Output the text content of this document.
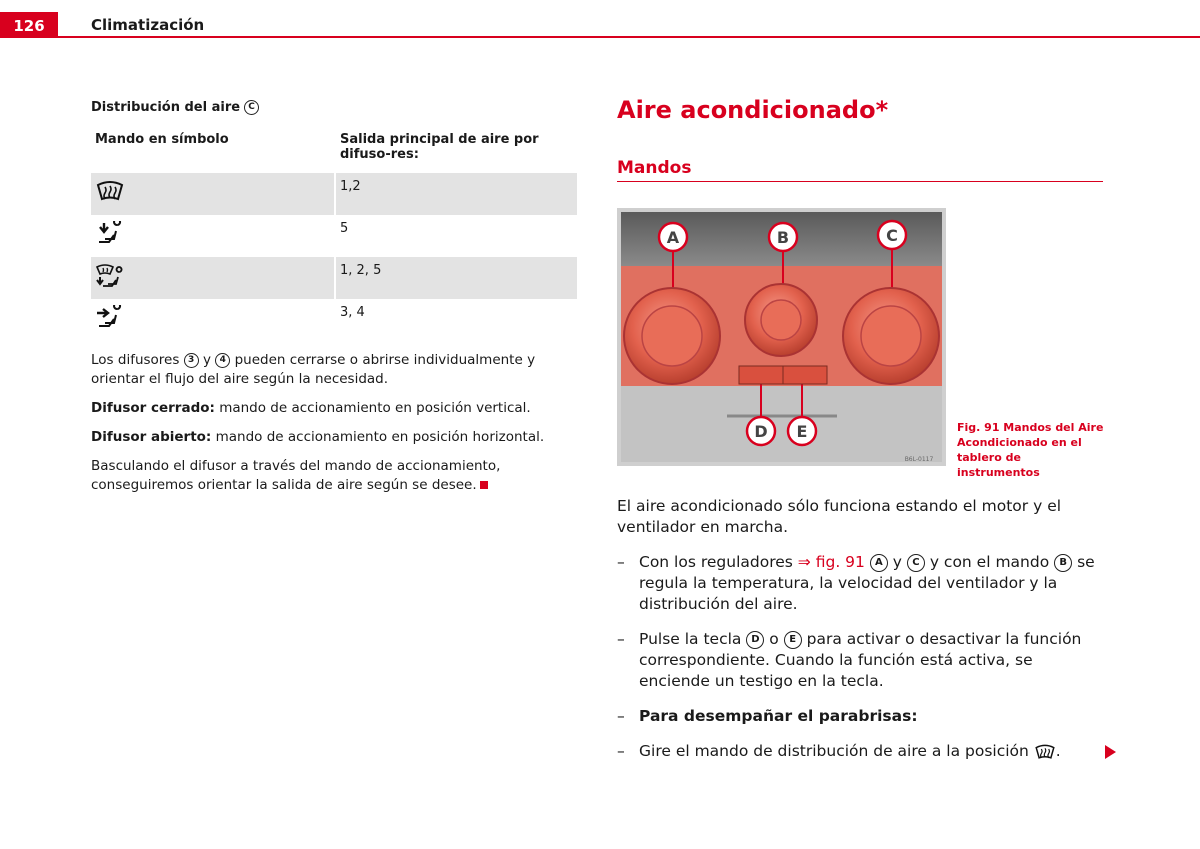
126	Climatización
Distribución del aire C
Mando en símbolo	Salida principal de aire por difuso-res:

	1,2

	5

	1, 2, 5

	3, 4

Los difusores 3 y 4 pueden cerrarse o abrirse individualmente y orientar el flujo del aire según la necesidad.

Difusor cerrado: mando de accionamiento en posición vertical.

Difusor abierto: mando de accionamiento en posición horizontal.

Basculando el difusor a través del mando de accionamiento, conseguiremos orientar la salida de aire según se desee.

Aire acondicionado*
Mandos
A	B	C
D E
B6L-0117
Fig. 91 Mandos del Aire Acondicionado en el tablero de instrumentos

El aire acondicionado sólo funciona estando el motor y el ventilador en marcha.

– Con los reguladores ⇒ fig. 91 A y C y con el mando B se regula la temperatura, la velocidad del ventilador y la distribución del aire.
– Pulse la tecla D o E para activar o desactivar la función correspondiente. Cuando la función está activa, se enciende un testigo en la tecla.
– Para desempañar el parabrisas:
– Gire el mando de distribución de aire a la posición .
